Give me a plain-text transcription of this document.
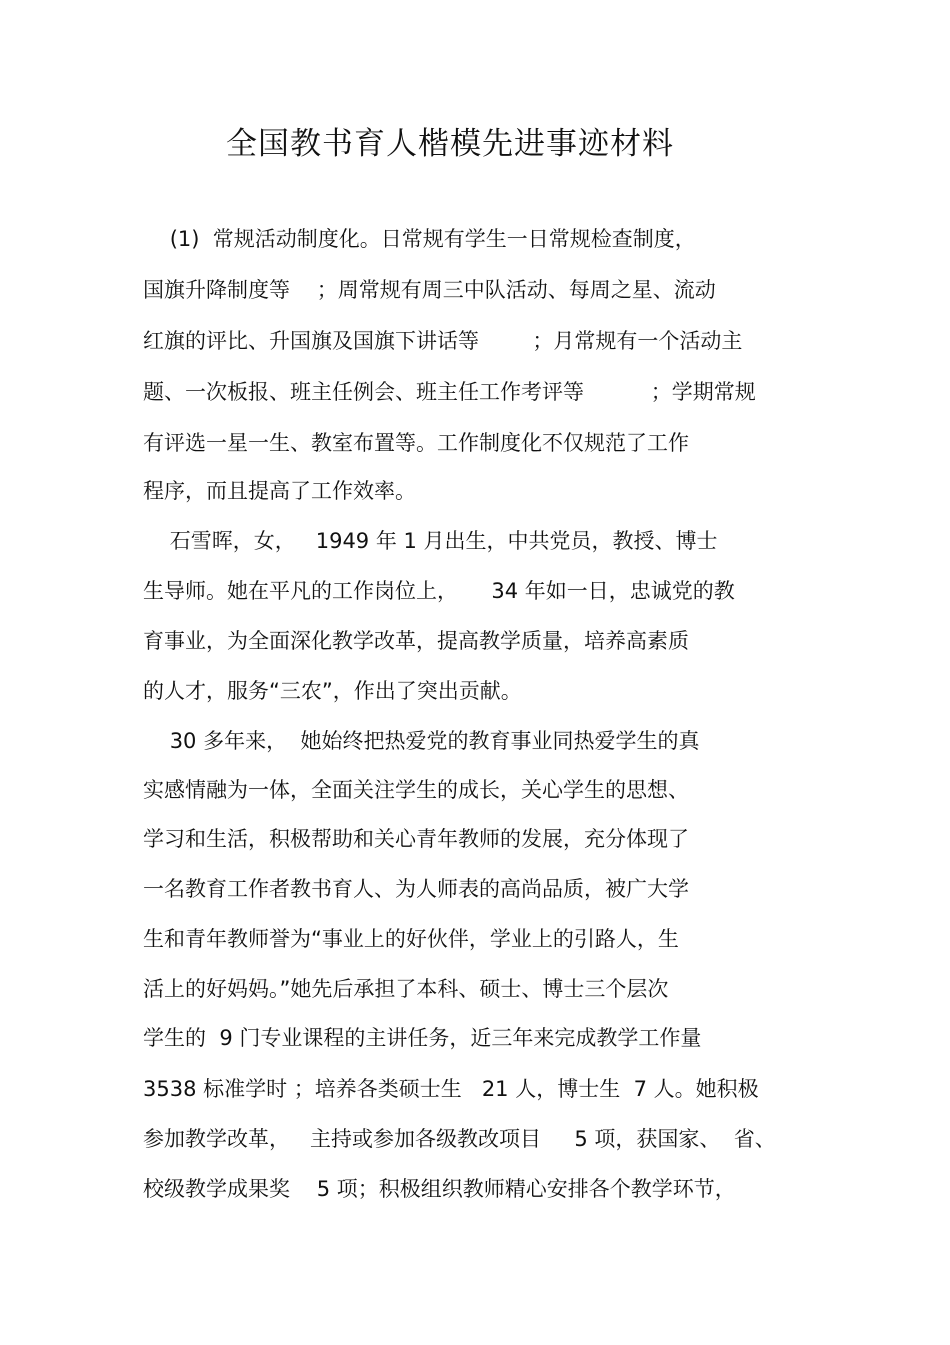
全国教书育人楷模先进事迹材料
(1)  常规活动制度化。日常规有学生一日常规检查制度，
国旗升降制度等    ；周常规有周三中队活动、每周之星、流动
红旗的评比、升国旗及国旗下讲话等        ；月常规有一个活动主
题、一次板报、班主任例会、班主任工作考评等          ；学期常规
有评选一星一生、教室布置等。工作制度化不仅规范了工作
程序，而且提高了工作效率。
石雪晖，女，   1949 年 1 月出生，中共党员，教授、博士
生导师。她在平凡的工作岗位上，     34 年如一日，忠诚党的教
育事业，为全面深化教学改革，提高教学质量，培养高素质
的人才，服务“三农”，作出了突出贡献。
30 多年来，  她始终把热爱党的教育事业同热爱学生的真
实感情融为一体，全面关注学生的成长，关心学生的思想、
学习和生活，积极帮助和关心青年教师的发展，充分体现了
一名教育工作者教书育人、为人师表的高尚品质，被广大学
生和青年教师誉为“事业上的好伙伴，学业上的引路人，生
活上的好妈妈。”她先后承担了本科、硕士、博士三个层次
学生的  9 门专业课程的主讲任务，近三年来完成教学工作量
3538 标准学时 ；培养各类硕士生   21 人，博士生  7 人。她积极
参加教学改革，   主持或参加各级教改项目     5 项，获国家、  省、
校级教学成果奖    5 项；积极组织教师精心安排各个教学环节，
